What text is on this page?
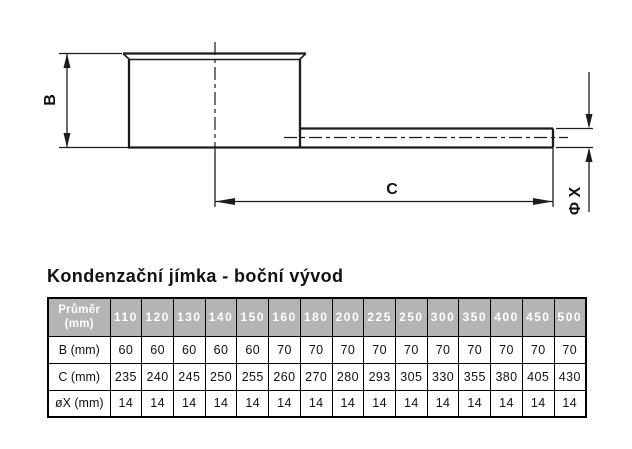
B
C	Φ X
Kondenzační jímka - boční vývod
Průměr
(mm)	110	120	130	140	150	160	180	200	225	250	300	350	400	450	500
B (mm)	60	60	60	60	60	70	70	70	70	70	70	70	70	70	70
C (mm)	235	240	245	250	255	260	270	280	293	305	330	355	380	405	430
øX (mm)	14	14	14	14	14	14	14	14	14	14	14	14	14	14	14
